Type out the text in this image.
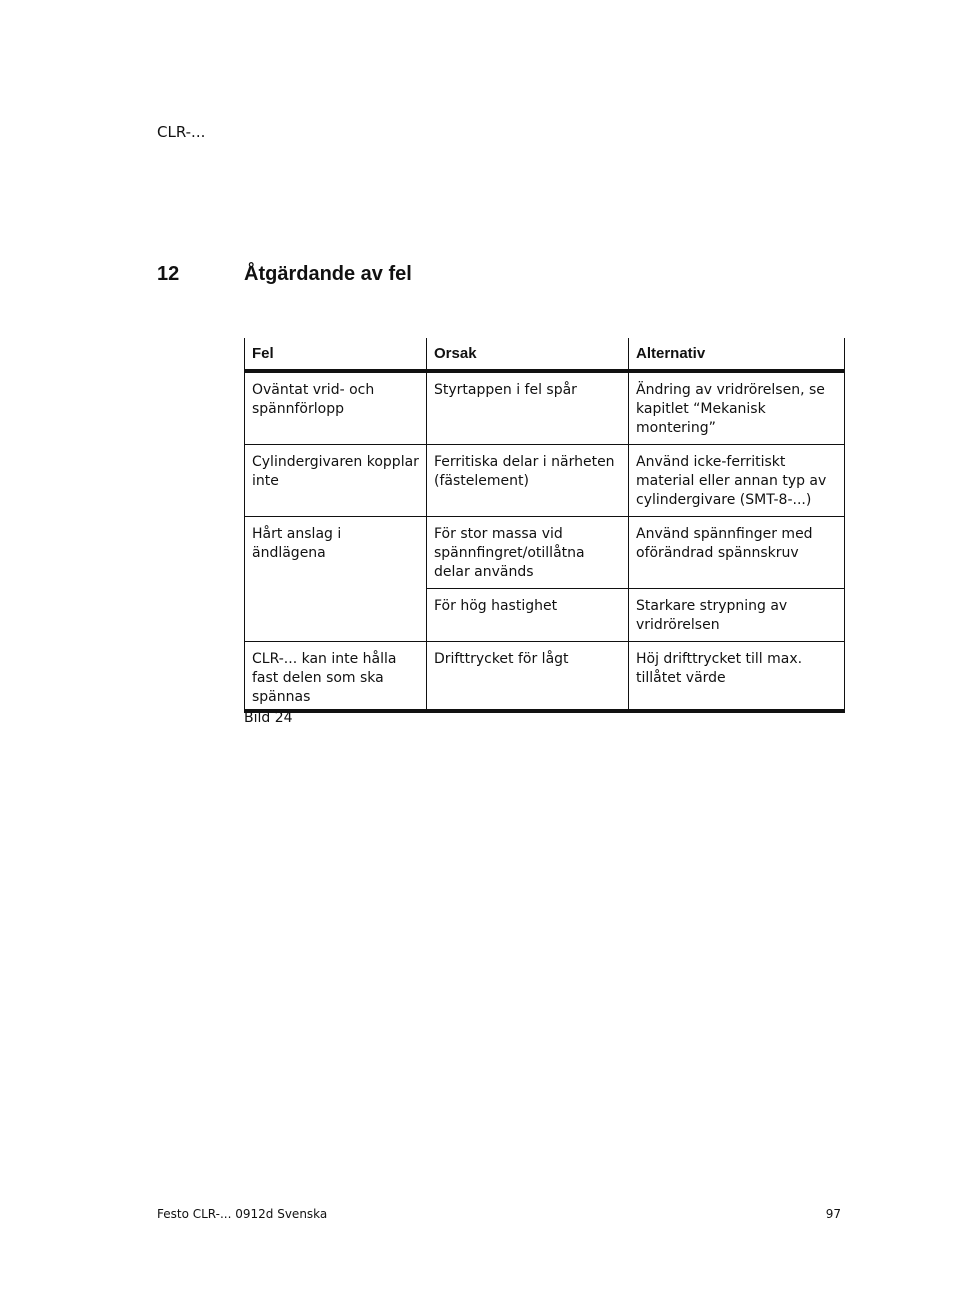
CLR-...
12	Åtgärdande av fel
Fel	Orsak	Alternativ
Oväntat vrid- och spännförlopp	Styrtappen i fel spår	Ändring av vridrörelsen, se kapitlet “Mekanisk montering”
Cylindergivaren kopplar inte	Ferritiska delar i närheten (fästelement)	Använd icke-ferritiskt material eller annan typ av cylindergivare (SMT-8-...)
Hårt anslag i ändlägena	För stor massa vid spännfingret/otillåtna delar används	Använd spännfinger med oförändrad spännskruv
	För hög hastighet	Starkare strypning av vridrörelsen
CLR-... kan inte hålla fast delen som ska spännas	Drifttrycket för lågt	Höj drifttrycket till max. tillåtet värde
Bild 24
Festo CLR-... 0912d Svenska	97
